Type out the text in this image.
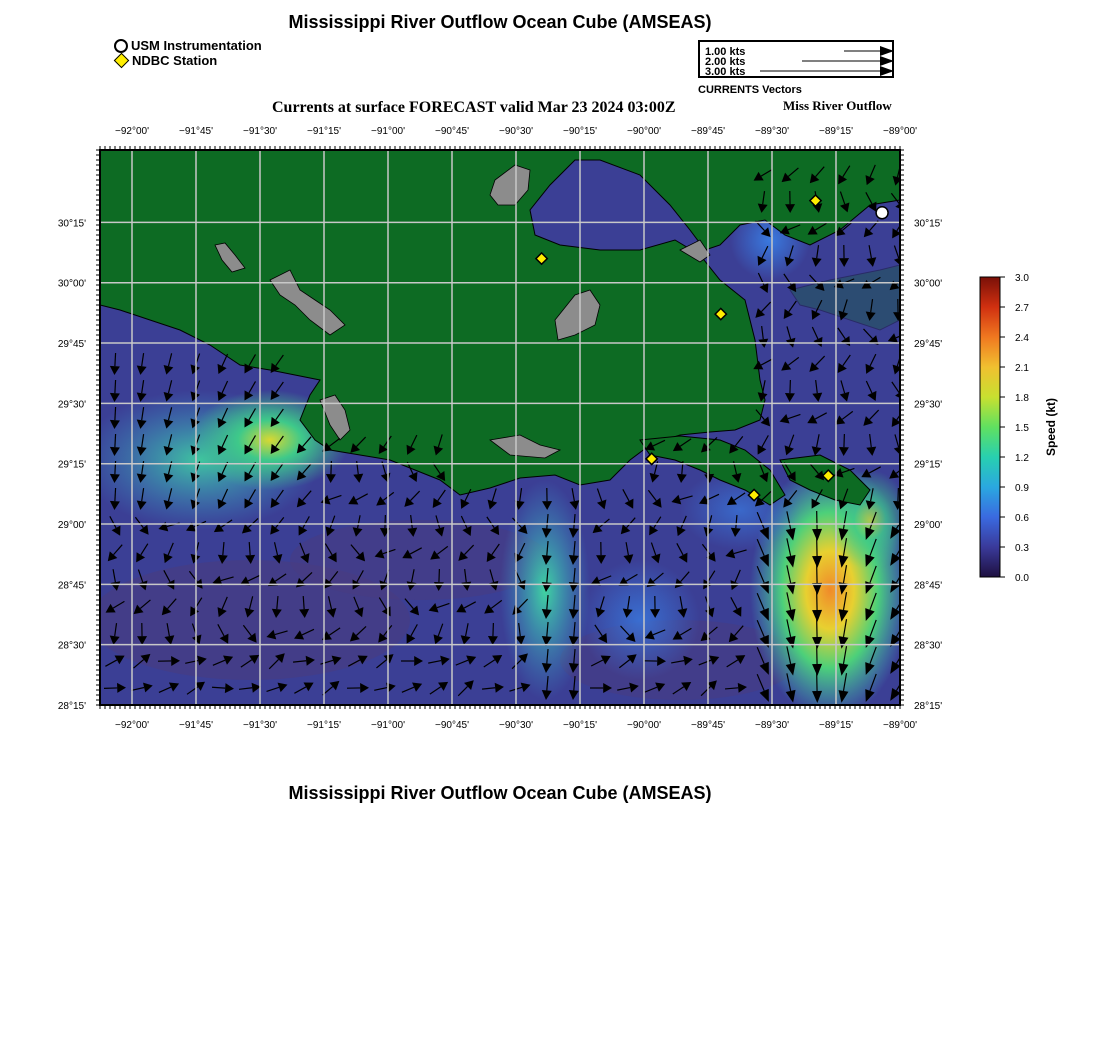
Mississippi River Outflow Ocean Cube (AMSEAS)
USM Instrumentation
NDBC Station
1.00 kts
2.00 kts
3.00 kts
CURRENTS Vectors
Currents at surface FORECAST valid Mar 23 2024 03:00Z	Miss River Outflow
−92°00'	−91°45'	−91°30'	−91°15'	−91°00'	−90°45'	−90°30'	−90°15'	−90°00'	−89°45'	−89°30'	−89°15'	−89°00'
−92°00'	−91°45'	−91°30'	−91°15'	−91°00'	−90°45'	−90°30'	−90°15'	−90°00'	−89°45'	−89°30'	−89°15'	−89°00'
30°15'
30°00'
29°45'
29°30'
29°15'
29°00'
28°45'
28°30'
28°15'
30°15'
30°00'
29°45'
29°30'
29°15'
29°00'
28°45'
28°30'
28°15'
0.0
0.3
0.6
0.9
1.2
1.5
1.8
2.1
2.4
2.7
3.0
Speed (kt)
Mississippi River Outflow Ocean Cube (AMSEAS)
